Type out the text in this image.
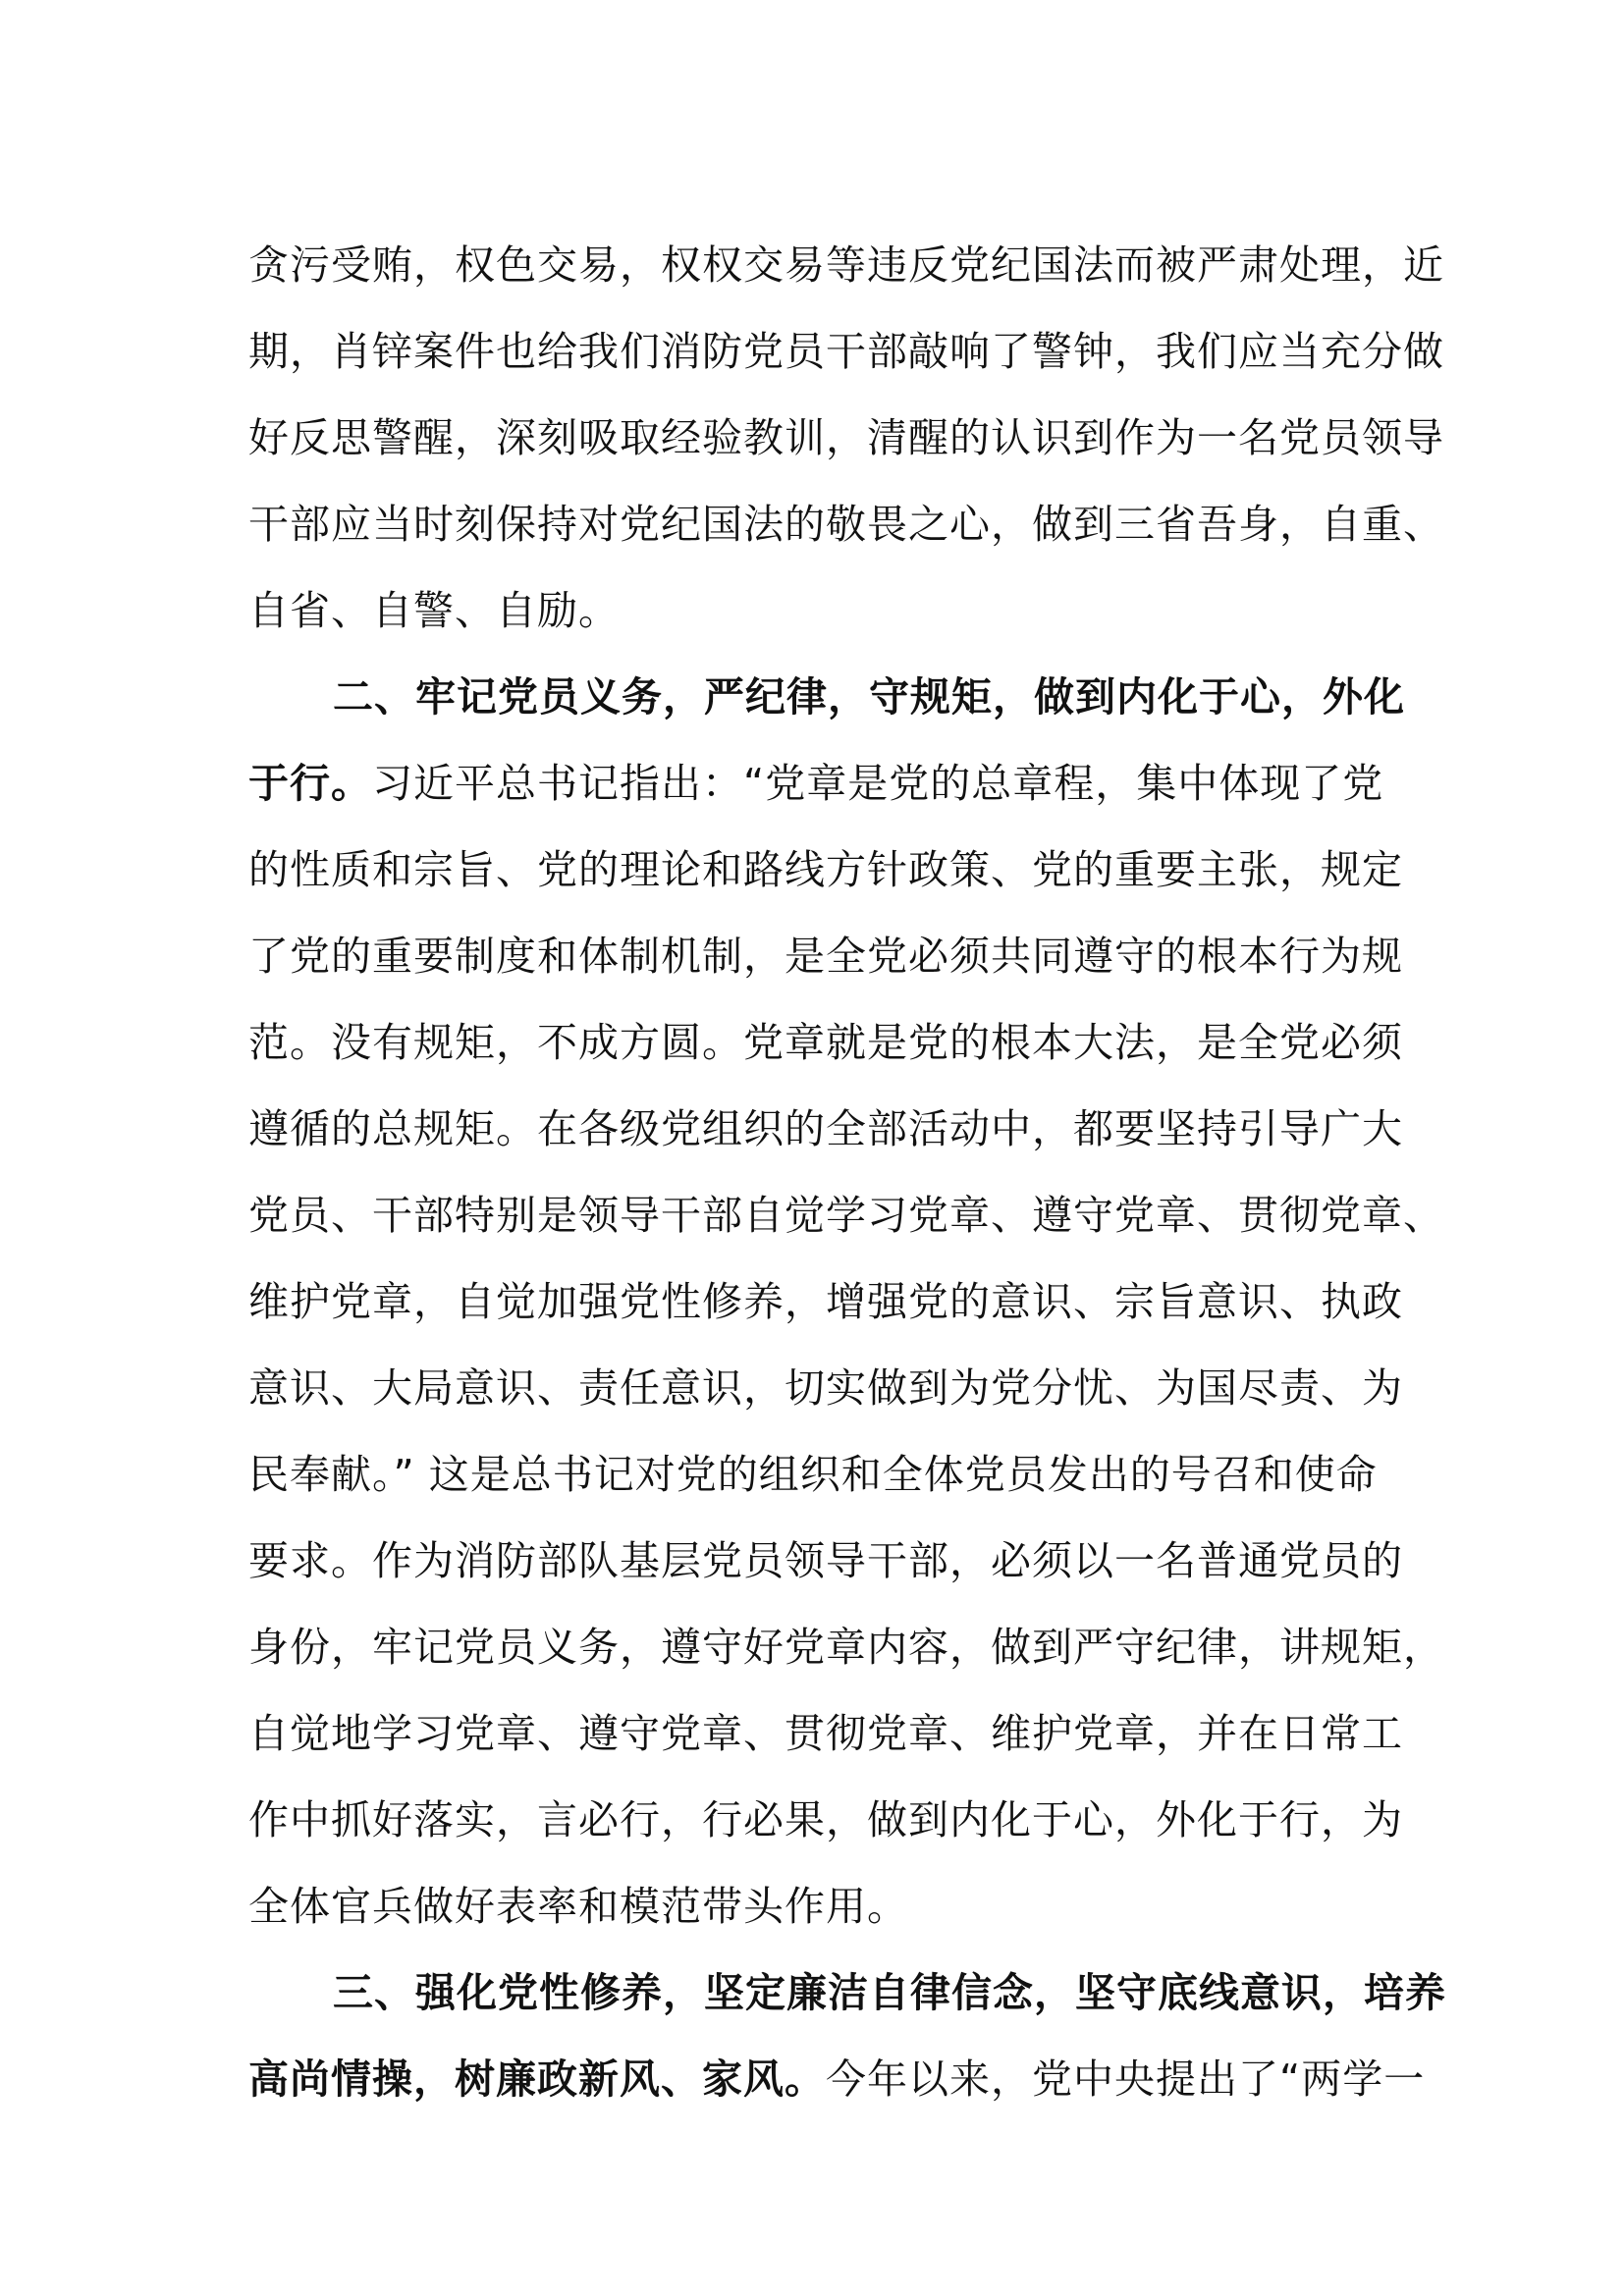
贪污受贿，权色交易，权权交易等违反党纪国法而被严肃处理，近
期，肖锌案件也给我们消防党员干部敲响了警钟，我们应当充分做
好反思警醒，深刻吸取经验教训，清醒的认识到作为一名党员领导
干部应当时刻保持对党纪国法的敬畏之心，做到三省吾身，自重、
自省、自警、自励。
二、牢记党员义务，严纪律，守规矩，做到内化于心，外化
于行。习近平总书记指出：“党章是党的总章程，集中体现了党
的性质和宗旨、党的理论和路线方针政策、党的重要主张，规定
了党的重要制度和体制机制，是全党必须共同遵守的根本行为规
范。没有规矩，不成方圆。党章就是党的根本大法，是全党必须
遵循的总规矩。在各级党组织的全部活动中，都要坚持引导广大
党员、干部特别是领导干部自觉学习党章、遵守党章、贯彻党章、
维护党章，自觉加强党性修养，增强党的意识、宗旨意识、执政
意识、大局意识、责任意识，切实做到为党分忧、为国尽责、为
民奉献。” 这是总书记对党的组织和全体党员发出的号召和使命
要求。作为消防部队基层党员领导干部，必须以一名普通党员的
身份，牢记党员义务，遵守好党章内容，做到严守纪律，讲规矩，
自觉地学习党章、遵守党章、贯彻党章、维护党章，并在日常工
作中抓好落实，言必行，行必果，做到内化于心，外化于行，为
全体官兵做好表率和模范带头作用。
三、强化党性修养，坚定廉洁自律信念，坚守底线意识，培养
高尚情操，树廉政新风、家风。今年以来，党中央提出了“两学一
